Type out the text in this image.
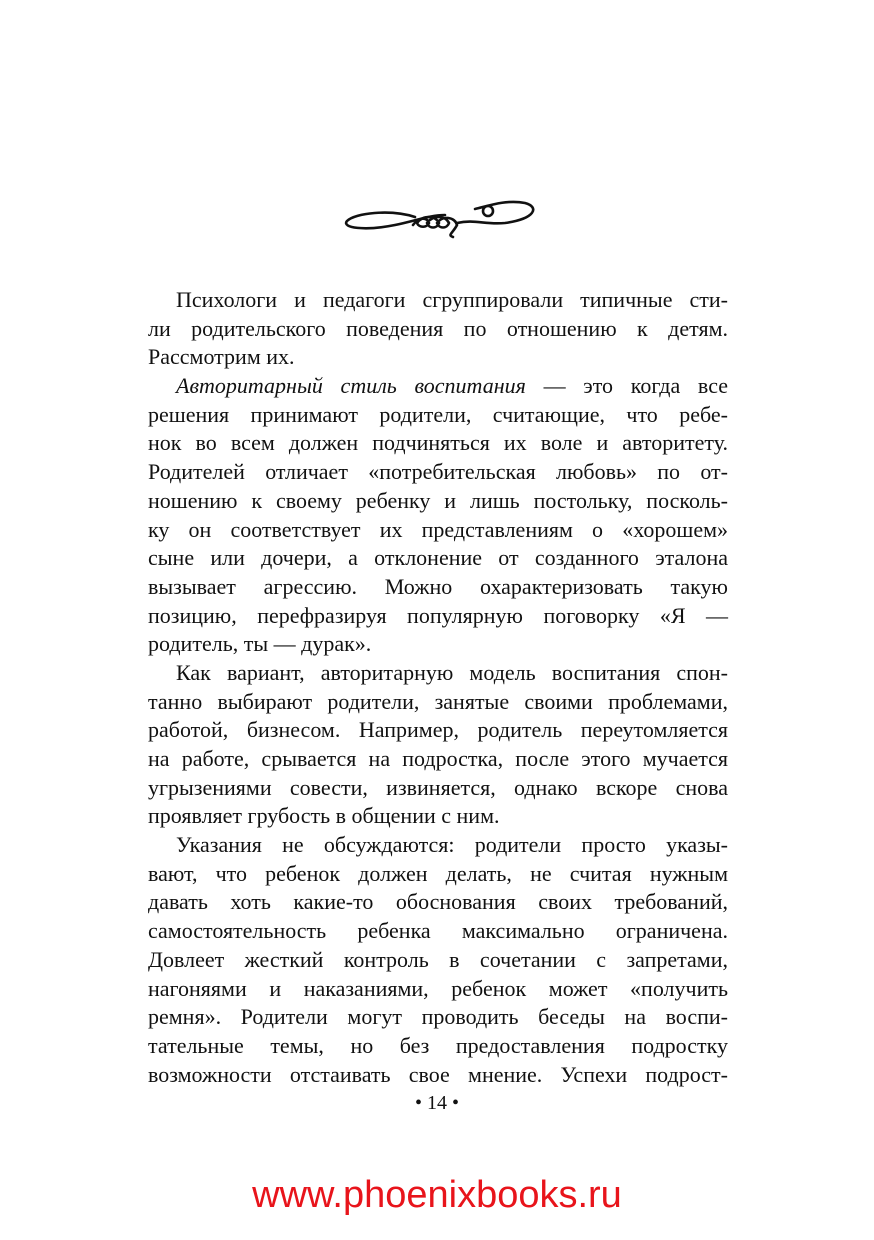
Психологи и педагоги сгруппировали типичные сти-
ли родительского поведения по отношению к детям.
Рассмотрим их.
Авторитарный стиль воспитания — это когда все
решения принимают родители, считающие, что ребе-
нок во всем должен подчиняться их воле и авторитету.
Родителей отличает «потребительская любовь» по от-
ношению к своему ребенку и лишь постольку, посколь-
ку он соответствует их представлениям о «хорошем»
сыне или дочери, а отклонение от созданного эталона
вызывает агрессию. Можно охарактеризовать такую
позицию, перефразируя популярную поговорку «Я —
родитель, ты — дурак».
Как вариант, авторитарную модель воспитания спон-
танно выбирают родители, занятые своими проблемами,
работой, бизнесом. Например, родитель переутомляется
на работе, срывается на подростка, после этого мучается
угрызениями совести, извиняется, однако вскоре снова
проявляет грубость в общении с ним.
Указания не обсуждаются: родители просто указы-
вают, что ребенок должен делать, не считая нужным
давать хоть какие-то обоснования своих требований,
самостоятельность ребенка максимально ограничена.
Довлеет жесткий контроль в сочетании с запретами,
нагоняями и наказаниями, ребенок может «получить
ремня». Родители могут проводить беседы на воспи-
тательные темы, но без предоставления подростку
возможности отстаивать свое мнение. Успехи подрост-
• 14 •
www.phoenixbooks.ru
